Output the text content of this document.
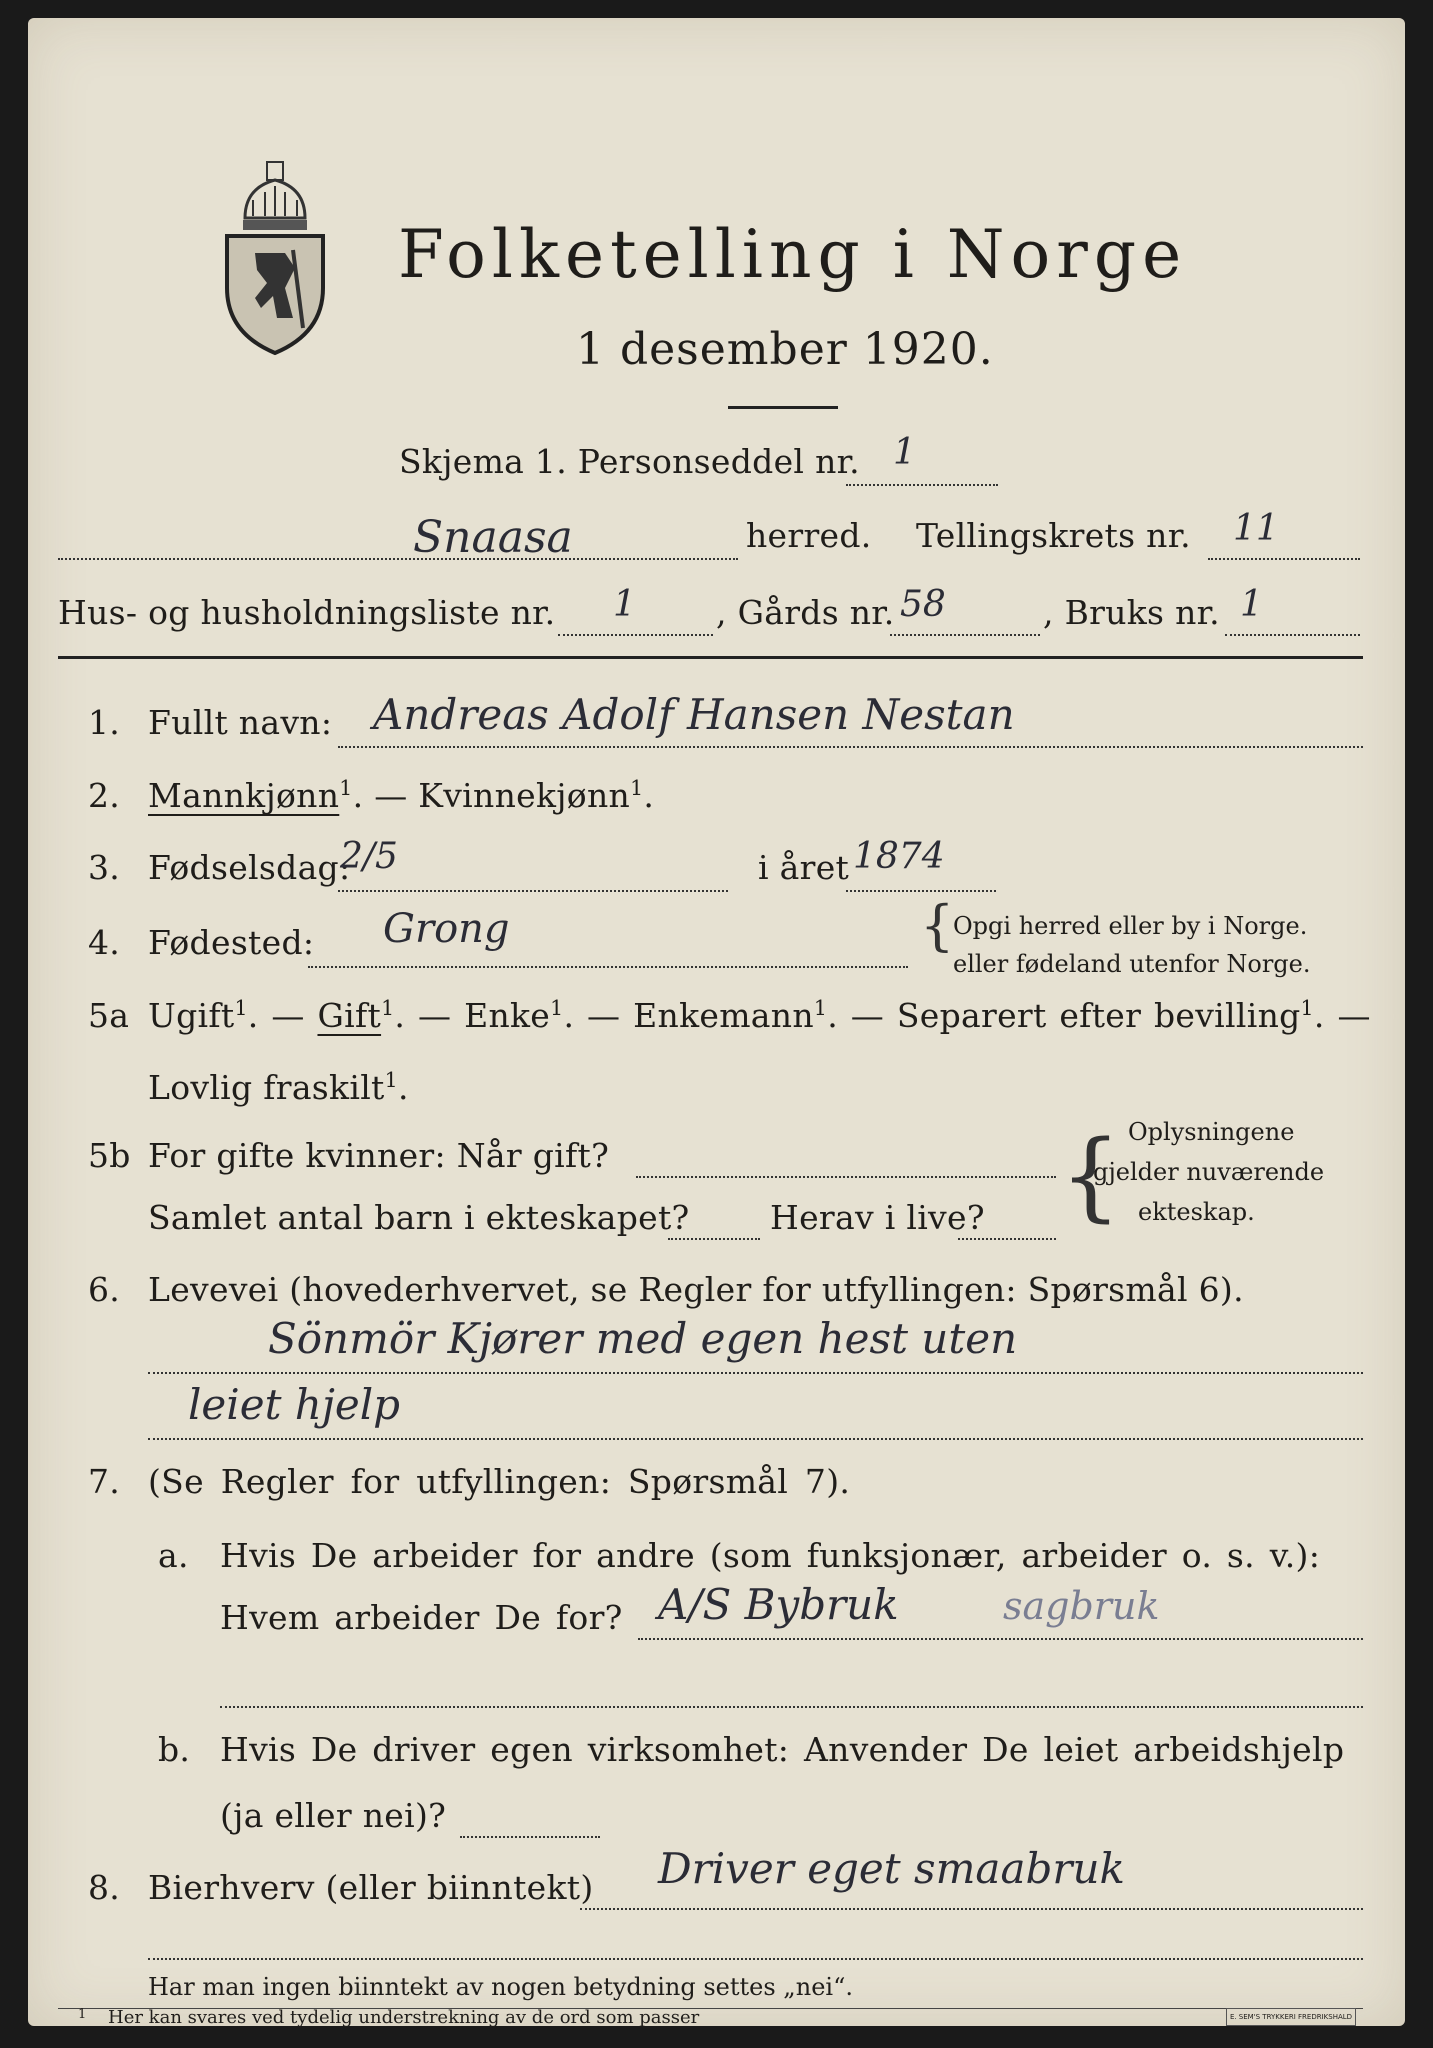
Folketelling i Norge
1 desember 1920.
Skjema 1. Personseddel nr. 1
Snaasa	herred. Tellingskrets nr. 11
Hus- og husholdningsliste nr. 1 , Gårds nr. 58	, Bruks nr. 1
1. Fullt navn: Andreas Adolf Hansen Nestan
2. Mannkjønn$^1$. — Kvinnekjønn$^1$.
3. Fødselsdag:
2/5	i året 1874
4. Fødested: Grong	{
Opgi herred eller by i Norge.
eller fødeland utenfor Norge.
5a Ugift$^1$. — Gift$^1$. — Enke$^1$. — Enkemann$^1$. — Separert efter bevilling$^1$. —
Lovlig fraskilt$^1$.
5b For gifte kvinner: Når gift?
Samlet antal barn i ekteskapet? Herav i live? { Oplysningene
gjelder nuværende
ekteskap.
6. Levevei (hovederhvervet, se Regler for utfyllingen: Spørsmål 6).
Sönmör Kjører med egen hest uten
leiet hjelp
7. (Se Regler for utfyllingen: Spørsmål 7).
a. Hvis De arbeider for andre (som funksjonær, arbeider o. s. v.):
Hvem arbeider De for? A/S Bybruk	sagbruk
b. Hvis De driver egen virksomhet: Anvender De leiet arbeidshjelp
(ja eller nei)?
8. Bierhverv (eller biinntekt) Driver eget smaabruk
Har man ingen biinntekt av nogen betydning settes „nei“.
1 Her kan svares ved tydelig understrekning av de ord som passer	E. SEM'S TRYKKERI FREDRIKSHALD
